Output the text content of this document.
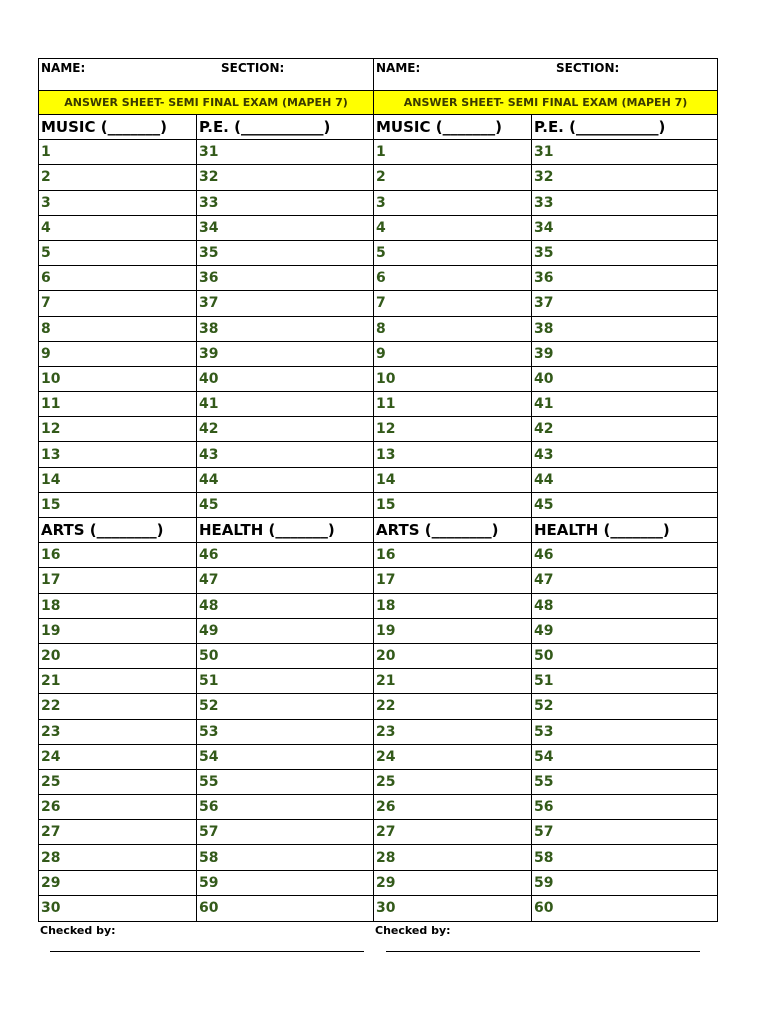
NAME:	SECTION:
ANSWER SHEET- SEMI FINAL EXAM (MAPEH 7)
MUSIC (_______) P.E. (___________)
1	31
2	32
3	33
4	34
5	35
6	36
7	37
8	38
9	39
10	40
11	41
12	42
13	43
14	44
15	45
ARTS (________) HEALTH (_______)
16	46
17	47
18	48
19	49
20	50
21	51
22	52
23	53
24	54
25	55
26	56
27	57
28	58
29	59
30	60
NAME:	SECTION:
ANSWER SHEET- SEMI FINAL EXAM (MAPEH 7)
MUSIC (_______) P.E. (___________)
1	31
2	32
3	33
4	34
5	35
6	36
7	37
8	38
9	39
10	40
11	41
12	42
13	43
14	44
15	45
ARTS (________) HEALTH (_______)
16	46
17	47
18	48
19	49
20	50
21	51
22	52
23	53
24	54
25	55
26	56
27	57
28	58
29	59
30	60
Checked by:	Checked by:
